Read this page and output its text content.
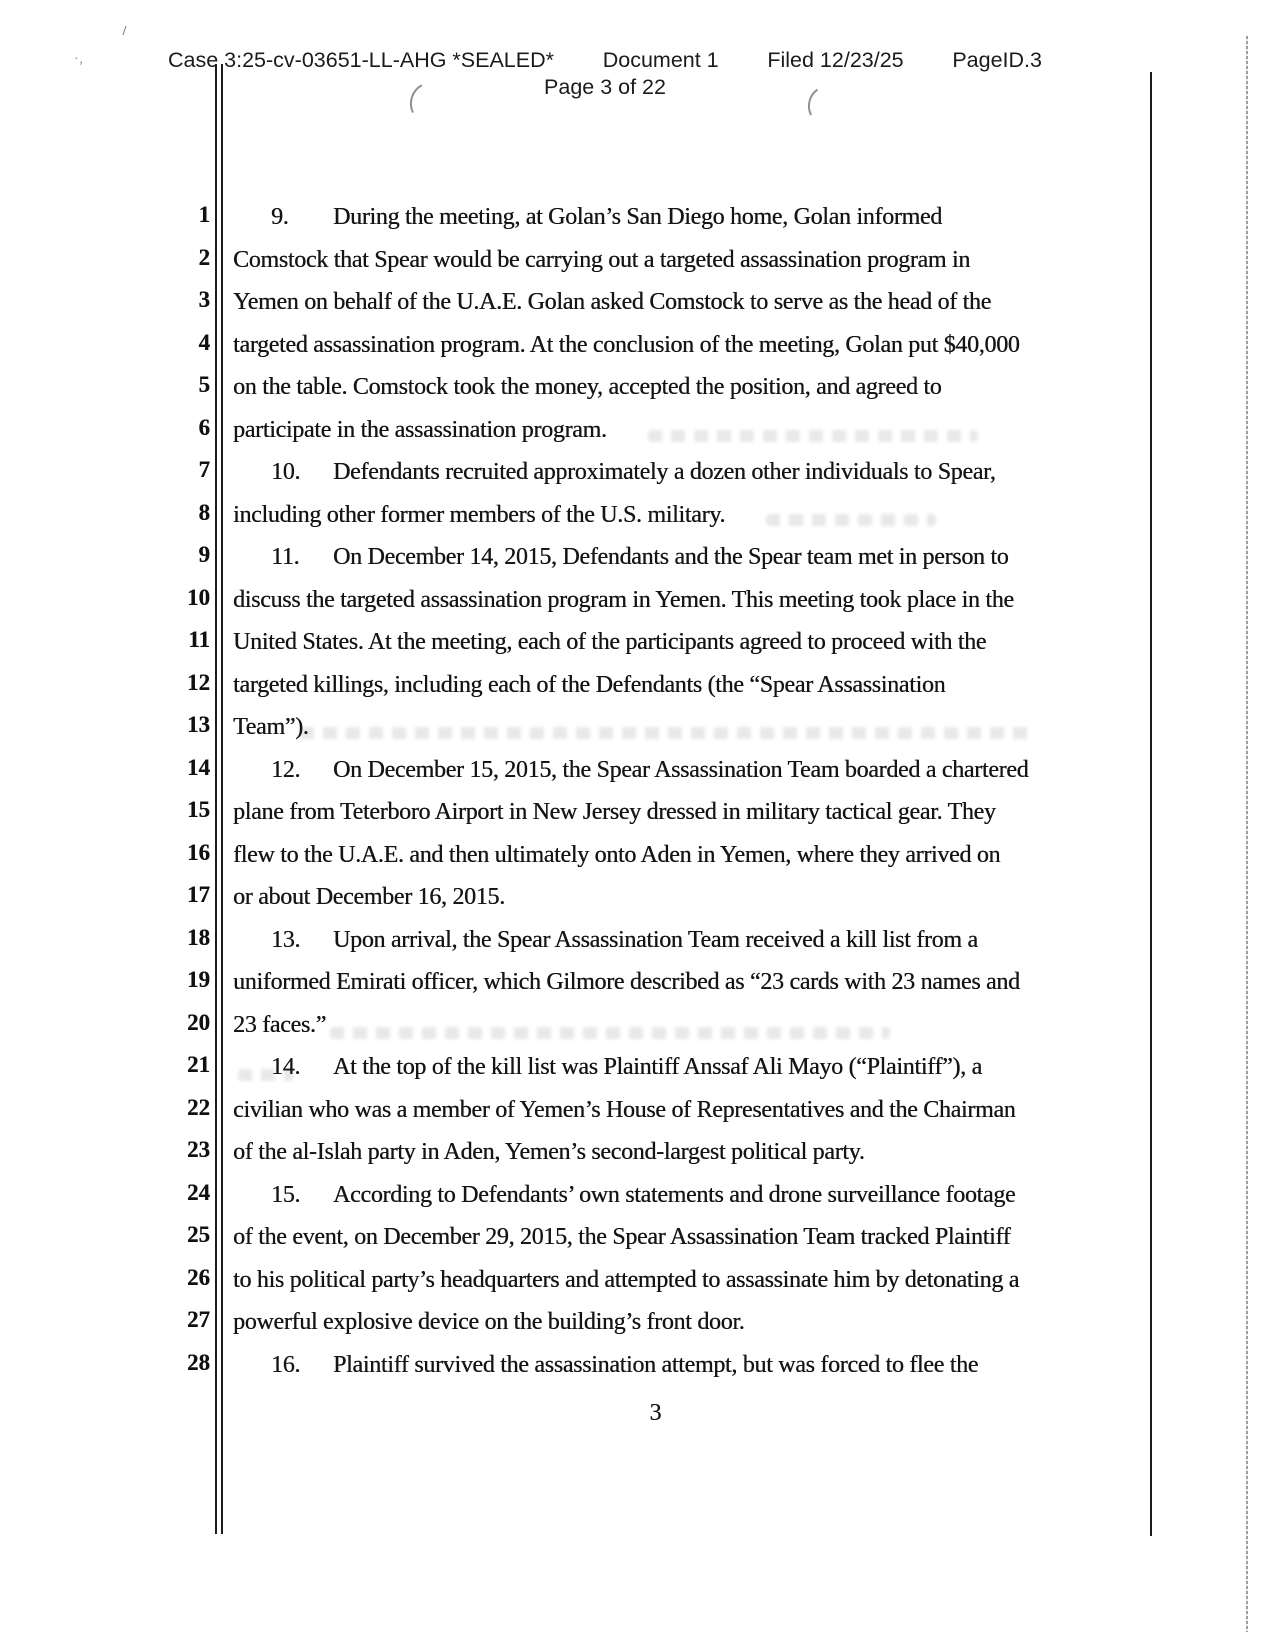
Case 3:25-cv-03651-LL-AHG *SEALED* Document 1 Filed 12/23/25 PageID.3
Page 3 of 22
1	9. During the meeting, at Golan’s San Diego home, Golan informed
2 Comstock that Spear would be carrying out a targeted assassination program in
3 Yemen on behalf of the U.A.E. Golan asked Comstock to serve as the head of the
4 targeted assassination program. At the conclusion of the meeting, Golan put $40,000
5 on the table. Comstock took the money, accepted the position, and agreed to
6 participate in the assassination program.
7	10. Defendants recruited approximately a dozen other individuals to Spear,
8 including other former members of the U.S. military.
9	11. On December 14, 2015, Defendants and the Spear team met in person to
10 discuss the targeted assassination program in Yemen. This meeting took place in the
11 United States. At the meeting, each of the participants agreed to proceed with the
12 targeted killings, including each of the Defendants (the “Spear Assassination
13 Team”).
14	12. On December 15, 2015, the Spear Assassination Team boarded a chartered
15 plane from Teterboro Airport in New Jersey dressed in military tactical gear. They
16 flew to the U.A.E. and then ultimately onto Aden in Yemen, where they arrived on
17 or about December 16, 2015.
18	13. Upon arrival, the Spear Assassination Team received a kill list from a
19 uniformed Emirati officer, which Gilmore described as “23 cards with 23 names and
20 23 faces.”
21	14. At the top of the kill list was Plaintiff Anssaf Ali Mayo (“Plaintiff”), a
22 civilian who was a member of Yemen’s House of Representatives and the Chairman
23 of the al-Islah party in Aden, Yemen’s second-largest political party.
24	15. According to Defendants’ own statements and drone surveillance footage
25 of the event, on December 29, 2015, the Spear Assassination Team tracked Plaintiff
26 to his political party’s headquarters and attempted to assassinate him by detonating a
27 powerful explosive device on the building’s front door.
28	16. Plaintiff survived the assassination attempt, but was forced to flee the
3
·‚
